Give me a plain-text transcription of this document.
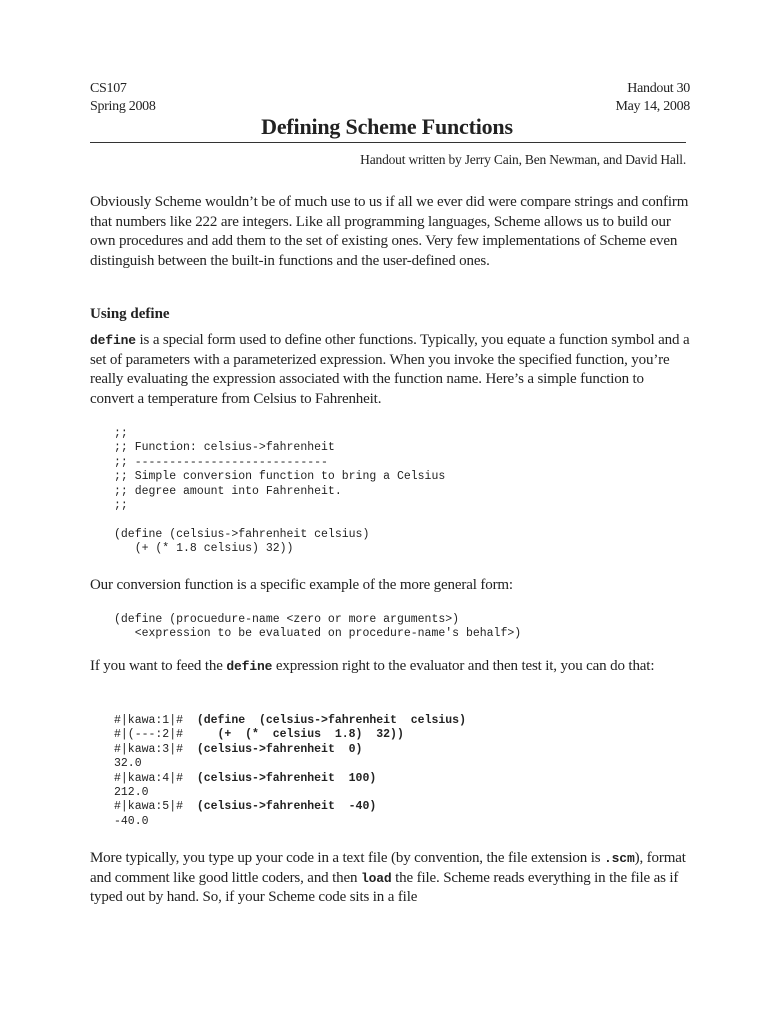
CS107
Spring 2008
Handout 30
May 14, 2008
Defining Scheme Functions
Handout written by Jerry Cain, Ben Newman, and David Hall.
Obviously Scheme wouldn’t be of much use to us if all we ever did were compare strings and confirm that numbers like 222 are integers. Like all programming languages, Scheme allows us to build our own procedures and add them to the set of existing ones. Very few implementations of Scheme even distinguish between the built-in functions and the user-defined ones.
Using define
define is a special form used to define other functions. Typically, you equate a function symbol and a set of parameters with a parameterized expression. When you invoke the specified function, you’re really evaluating the expression associated with the function name. Here’s a simple function to convert a temperature from Celsius to Fahrenheit.
;;
;; Function: celsius->fahrenheit
;; ----------------------------
;; Simple conversion function to bring a Celsius
;; degree amount into Fahrenheit.
;;

(define (celsius->fahrenheit celsius)
(+ (* 1.8 celsius) 32))
Our conversion function is a specific example of the more general form:
(define (procuedure-name <zero or more arguments>)
<expression to be evaluated on procedure-name's behalf>)
If you want to feed the define expression right to the evaluator and then test it, you can do that:
#|kawa:1|#  (define  (celsius->fahrenheit  celsius)
#|(---:2|#     (+  (*  celsius  1.8)  32))
#|kawa:3|#  (celsius->fahrenheit  0)
32.0
#|kawa:4|#  (celsius->fahrenheit  100)
212.0
#|kawa:5|#  (celsius->fahrenheit  -40)
-40.0
More typically, you type up your code in a text file (by convention, the file extension is .scm), format and comment like good little coders, and then load the file. Scheme reads everything in the file as if typed out by hand. So, if your Scheme code sits in a file
